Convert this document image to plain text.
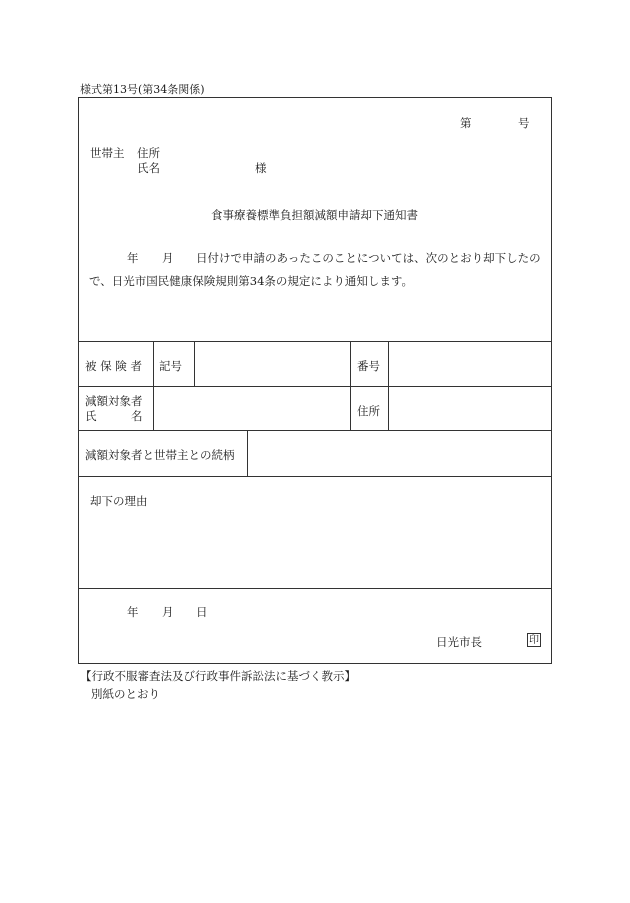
様式第13号(第34条関係)
第	号
世帯主 住所
氏名	様
食事療養標準負担額減額申請却下通知書
年 月 日付けで申請のあったこのことについては、次のとおり却下したの
で、日光市国民健康保険規則第34条の規定により通知します。
被 保 険 者 記号	番号
減額対象者
氏　　　名	住所
減額対象者と世帯主との続柄
却下の理由
年 月 日
日光市長	印
【行政不服審査法及び行政事件訴訟法に基づく教示】
別紙のとおり
